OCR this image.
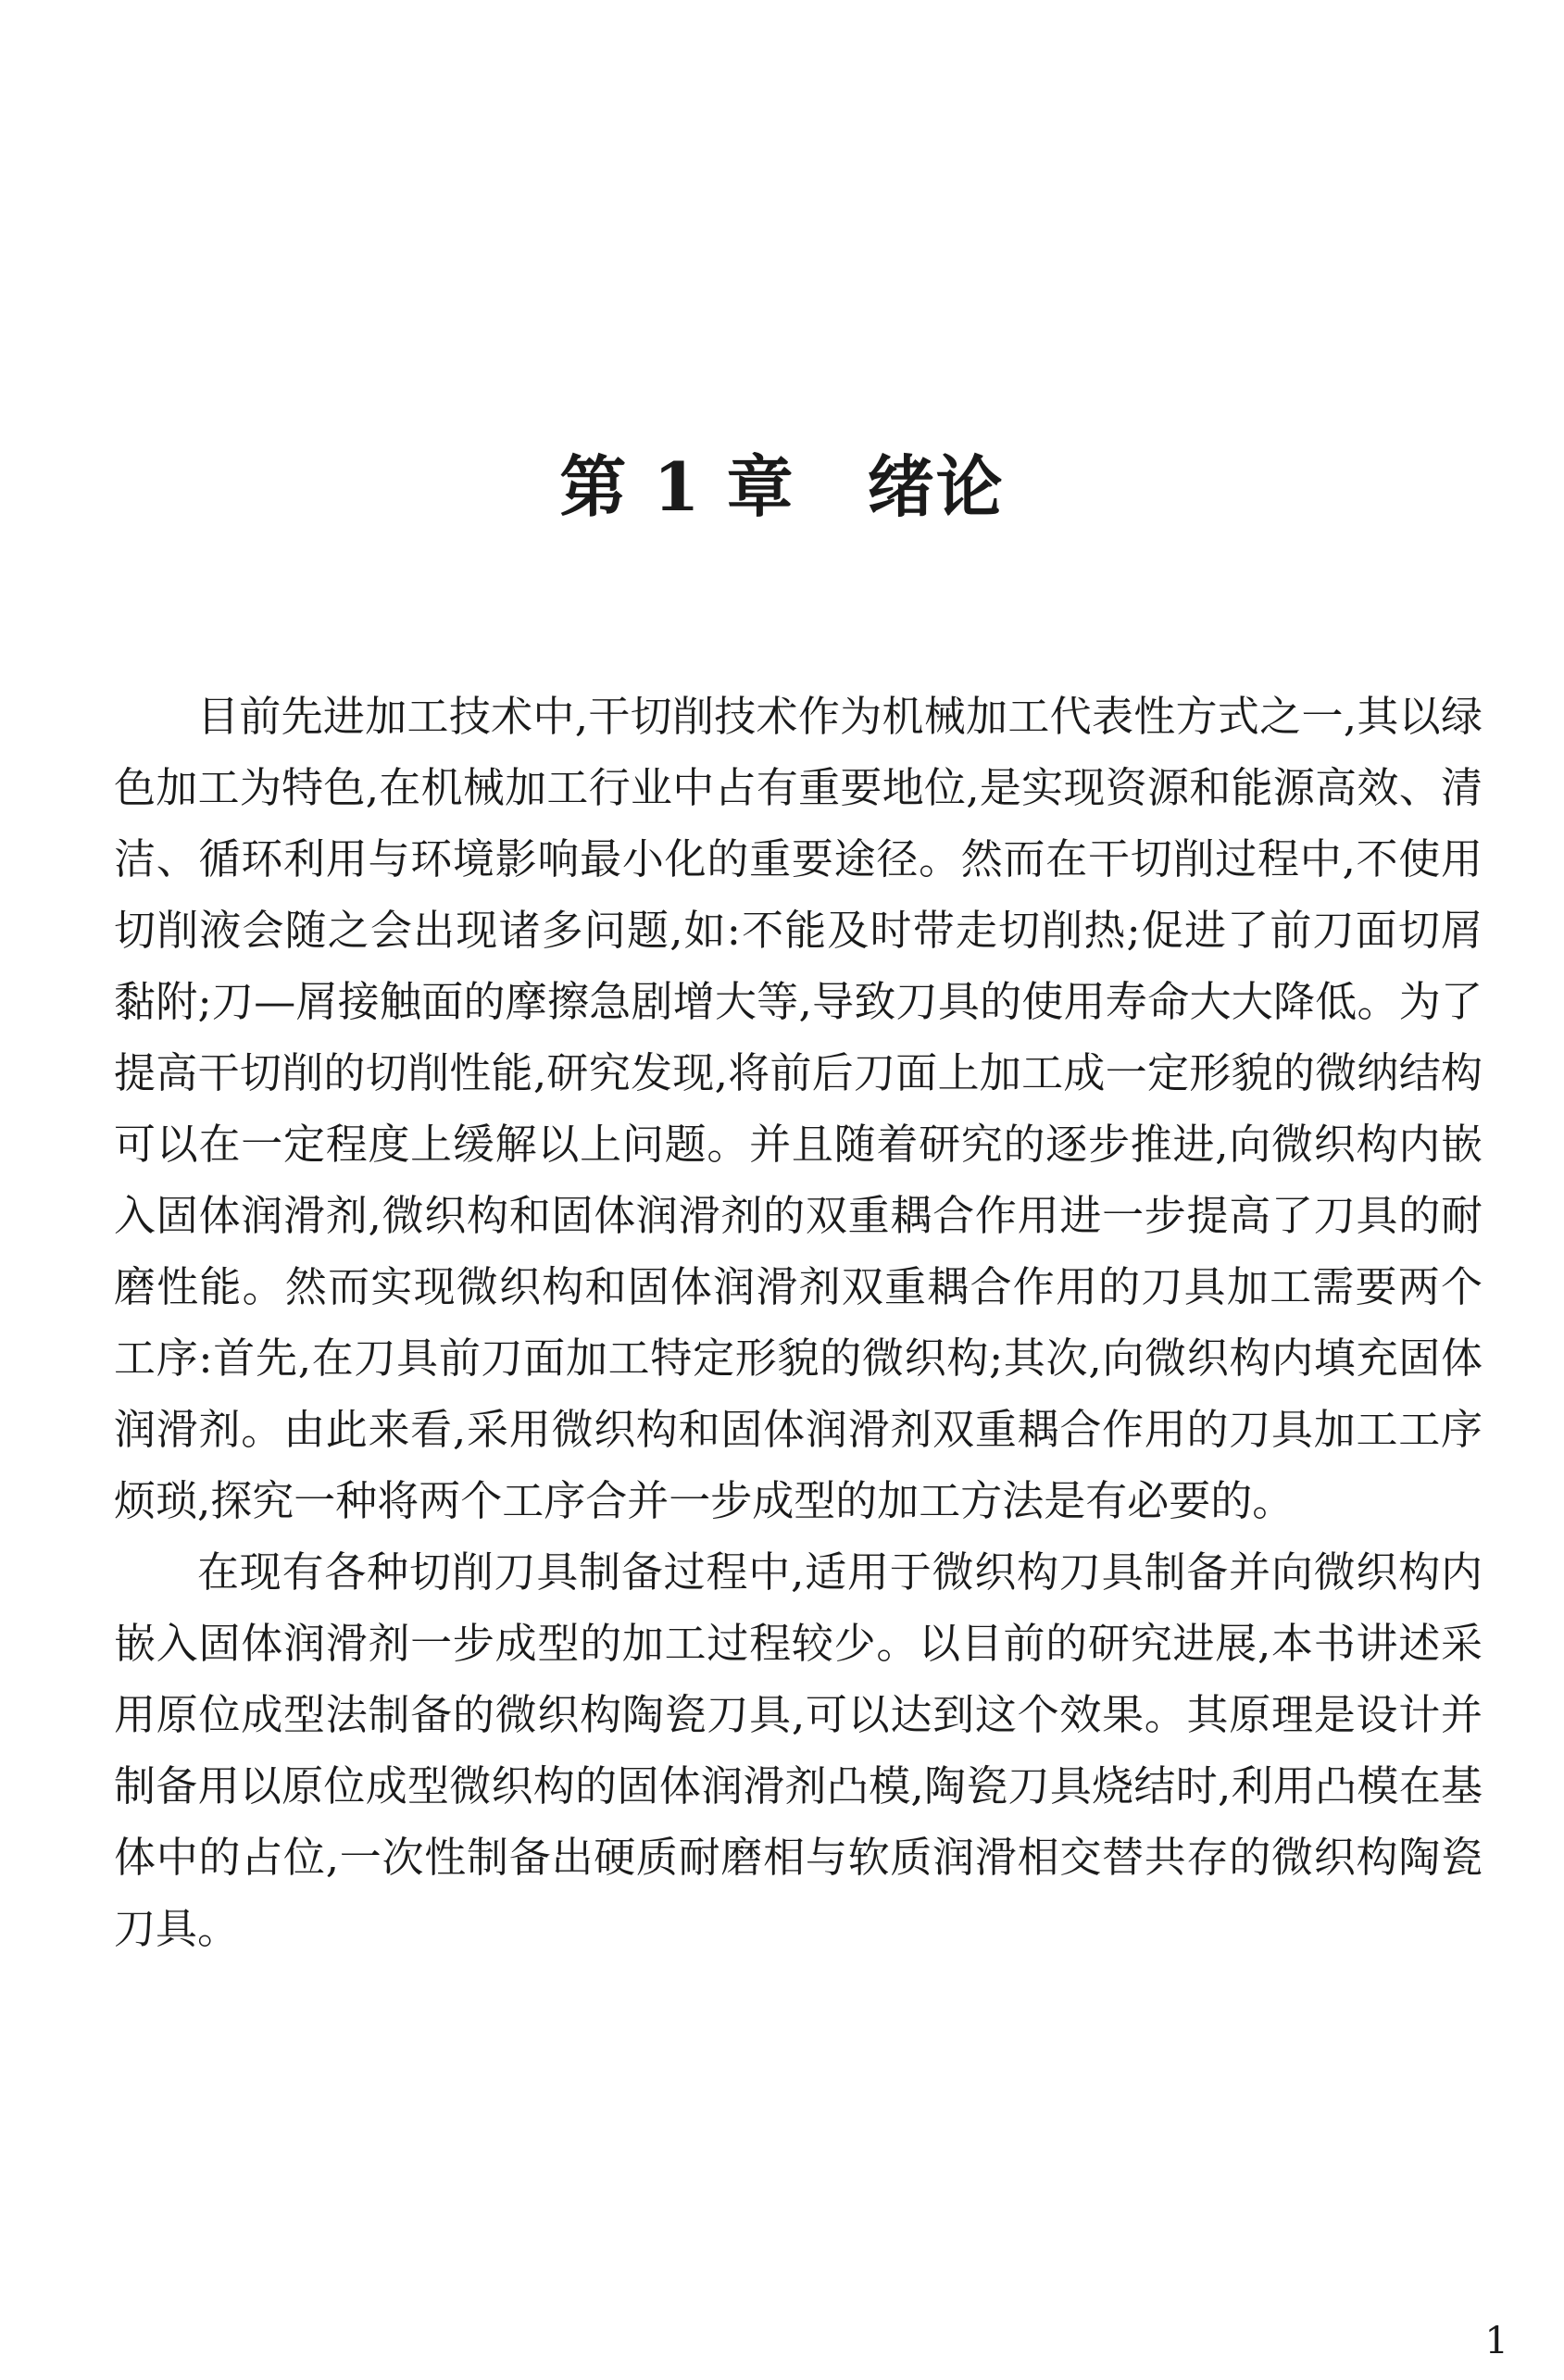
第 1 章 绪论

目前先进加工技术中,干切削技术作为机械加工代表性方式之一,其以绿色加工为特色,在机械加工行业中占有重要地位,是实现资源和能源高效、清洁、循环利用与环境影响最小化的重要途径。然而在干切削过程中,不使用切削液会随之会出现诸多问题,如:不能及时带走切削热;促进了前刀面切屑黏附;刀—屑接触面的摩擦急剧增大等,导致刀具的使用寿命大大降低。为了提高干切削的切削性能,研究发现,将前后刀面上加工成一定形貌的微纳结构可以在一定程度上缓解以上问题。并且随着研究的逐步推进,向微织构内嵌入固体润滑剂,微织构和固体润滑剂的双重耦合作用进一步提高了刀具的耐磨性能。然而实现微织构和固体润滑剂双重耦合作用的刀具加工需要两个工序:首先,在刀具前刀面加工特定形貌的微织构;其次,向微织构内填充固体润滑剂。由此来看,采用微织构和固体润滑剂双重耦合作用的刀具加工工序烦琐,探究一种将两个工序合并一步成型的加工方法是有必要的。

在现有各种切削刀具制备过程中,适用于微织构刀具制备并向微织构内嵌入固体润滑剂一步成型的加工过程较少。以目前的研究进展,本书讲述采用原位成型法制备的微织构陶瓷刀具,可以达到这个效果。其原理是设计并制备用以原位成型微织构的固体润滑剂凸模,陶瓷刀具烧结时,利用凸模在基体中的占位,一次性制备出硬质耐磨相与软质润滑相交替共存的微织构陶瓷刀具。

1
